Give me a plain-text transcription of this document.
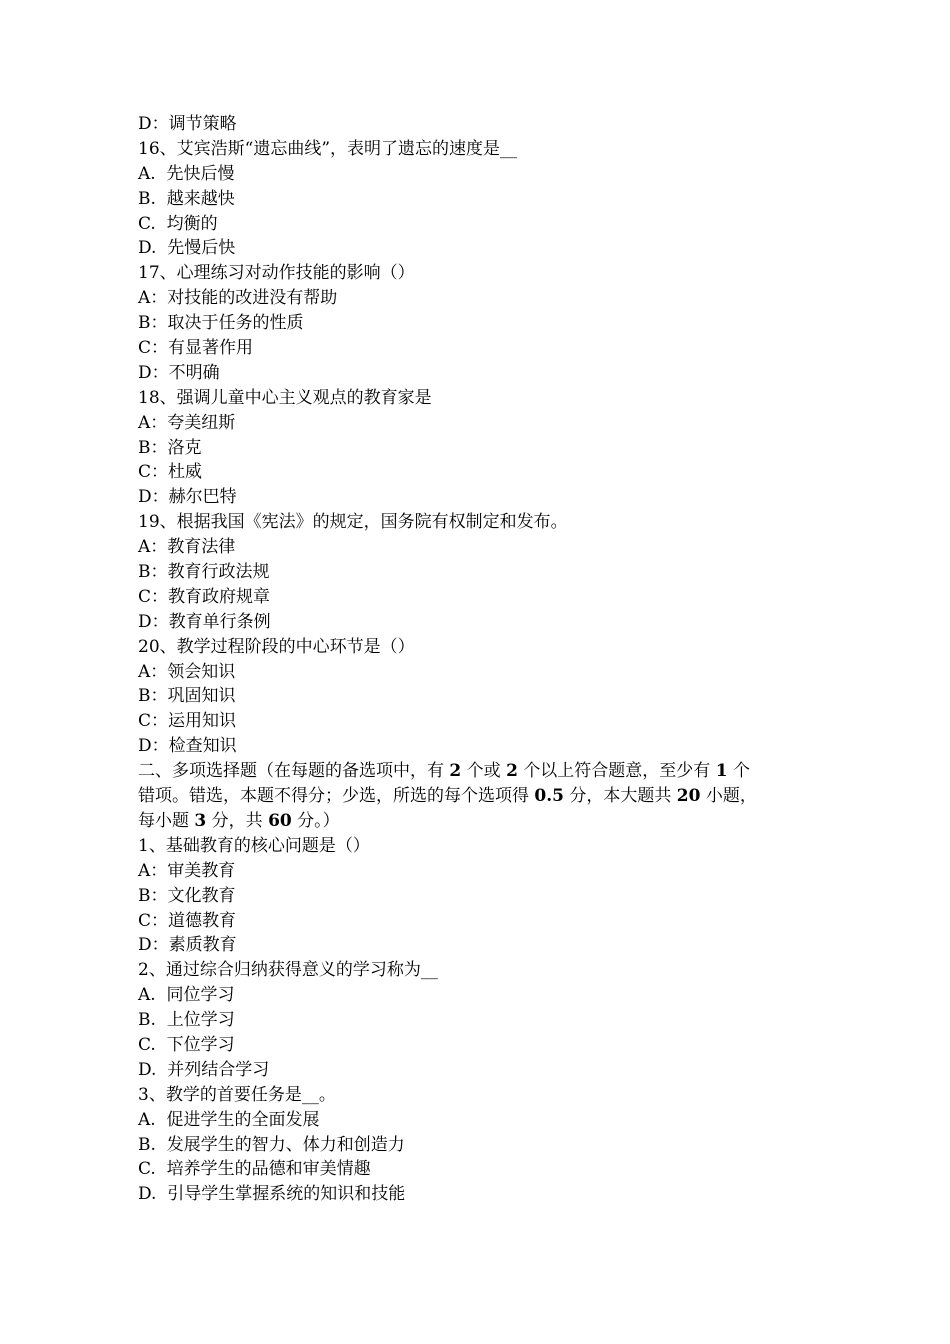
D：调节策略
16、艾宾浩斯“遗忘曲线”，表明了遗忘的速度是__
A.  先快后慢
B.  越来越快
C.  均衡的
D.  先慢后快
17、心理练习对动作技能的影响（）
A：对技能的改进没有帮助
B：取决于任务的性质
C：有显著作用
D：不明确
18、强调儿童中心主义观点的教育家是
A：夸美纽斯
B：洛克
C：杜威
D：赫尔巴特
19、根据我国《宪法》的规定，国务院有权制定和发布。
A：教育法律
B：教育行政法规
C：教育政府规章
D：教育单行条例
20、教学过程阶段的中心环节是（）
A：领会知识
B：巩固知识
C：运用知识
D：检查知识
二、多项选择题（在每题的备选项中，有 2 个或 2 个以上符合题意，至少有 1 个
错项。错选，本题不得分；少选，所选的每个选项得 0.5 分，本大题共 20 小题，
每小题 3 分，共 60 分。）
1、基础教育的核心问题是（）
A：审美教育
B：文化教育
C：道德教育
D：素质教育
2、通过综合归纳获得意义的学习称为__
A.  同位学习
B.  上位学习
C.  下位学习
D.  并列结合学习
3、教学的首要任务是__。
A.  促进学生的全面发展
B.  发展学生的智力、体力和创造力
C.  培养学生的品德和审美情趣
D.  引导学生掌握系统的知识和技能
